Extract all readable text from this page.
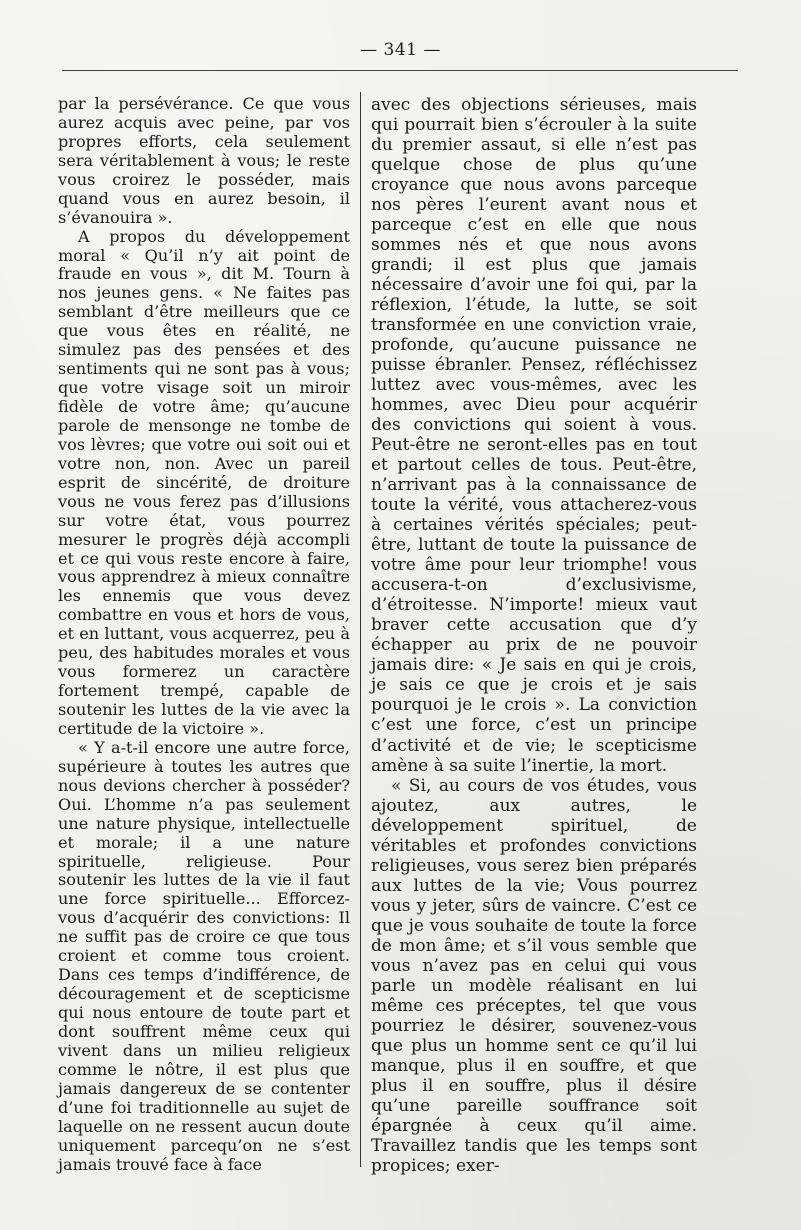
— 341 —

par la persévérance. Ce que vous aurez acquis avec peine, par vos propres efforts, cela seulement sera véritablement à vous; le reste vous croirez le posséder, mais quand vous en aurez besoin, il s’évanouira ».

A propos du développement moral « Qu’il n’y ait point de fraude en vous », dit M. Tourn à nos jeunes gens. « Ne faites pas semblant d’être meilleurs que ce que vous êtes en réalité, ne simulez pas des pensées et des sentiments qui ne sont pas à vous; que votre visage soit un miroir fidèle de votre âme; qu’aucune parole de mensonge ne tombe de vos lèvres; que votre oui soit oui et votre non, non. Avec un pareil esprit de sincérité, de droiture vous ne vous ferez pas d’illusions sur votre état, vous pourrez mesurer le progrès déjà accompli et ce qui vous reste encore à faire, vous apprendrez à mieux connaître les ennemis que vous devez combattre en vous et hors de vous, et en luttant, vous acquerrez, peu à peu, des habitudes morales et vous vous formerez un caractère fortement trempé, capable de soutenir les luttes de la vie avec la certitude de la victoire ».

« Y a-t-il encore une autre force, supérieure à toutes les autres que nous devions chercher à posséder? Oui. L’homme n’a pas seulement une nature physique, intellectuelle et morale; il a une nature spirituelle, religieuse. Pour soutenir les luttes de la vie il faut une force spirituelle... Efforcez-vous d’acquérir des convictions: Il ne suffit pas de croire ce que tous croient et comme tous croient. Dans ces temps d’indifférence, de découragement et de scepticisme qui nous entoure de toute part et dont souffrent même ceux qui vivent dans un milieu religieux comme le nôtre, il est plus que jamais dangereux de se contenter d’une foi traditionnelle au sujet de laquelle on ne ressent aucun doute uniquement parcequ’on ne s’est jamais trouvé face à face

avec des objections sérieuses, mais qui pourrait bien s’écrouler à la suite du premier assaut, si elle n’est pas quelque chose de plus qu’une croyance que nous avons parceque nos pères l’eurent avant nous et parceque c’est en elle que nous sommes nés et que nous avons grandi; il est plus que jamais nécessaire d’avoir une foi qui, par la réflexion, l’étude, la lutte, se soit transformée en une conviction vraie, profonde, qu’aucune puissance ne puisse ébranler. Pensez, réfléchissez luttez avec vous-mêmes, avec les hommes, avec Dieu pour acquérir des convictions qui soient à vous. Peut-être ne seront-elles pas en tout et partout celles de tous. Peut-être, n’arrivant pas à la connaissance de toute la vérité, vous attacherez-vous à certaines vérités spéciales; peut-être, luttant de toute la puissance de votre âme pour leur triomphe! vous accusera-t-on d’exclusivisme, d’étroitesse. N’importe! mieux vaut braver cette accusation que d’y échapper au prix de ne pouvoir jamais dire: « Je sais en qui je crois, je sais ce que je crois et je sais pourquoi je le crois ». La conviction c’est une force, c’est un principe d’activité et de vie; le scepticisme amène à sa suite l’inertie, la mort.

« Si, au cours de vos études, vous ajoutez, aux autres, le développement spirituel, de véritables et profondes convictions religieuses, vous serez bien préparés aux luttes de la vie; Vous pourrez vous y jeter, sûrs de vaincre. C’est ce que je vous souhaite de toute la force de mon âme; et s’il vous semble que vous n’avez pas en celui qui vous parle un modèle réalisant en lui même ces préceptes, tel que vous pourriez le désirer, souvenez-vous que plus un homme sent ce qu’il lui manque, plus il en souffre, et que plus il en souffre, plus il désire qu’une pareille souffrance soit épargnée à ceux qu’il aime. Travaillez tandis que les temps sont propices; exer-
